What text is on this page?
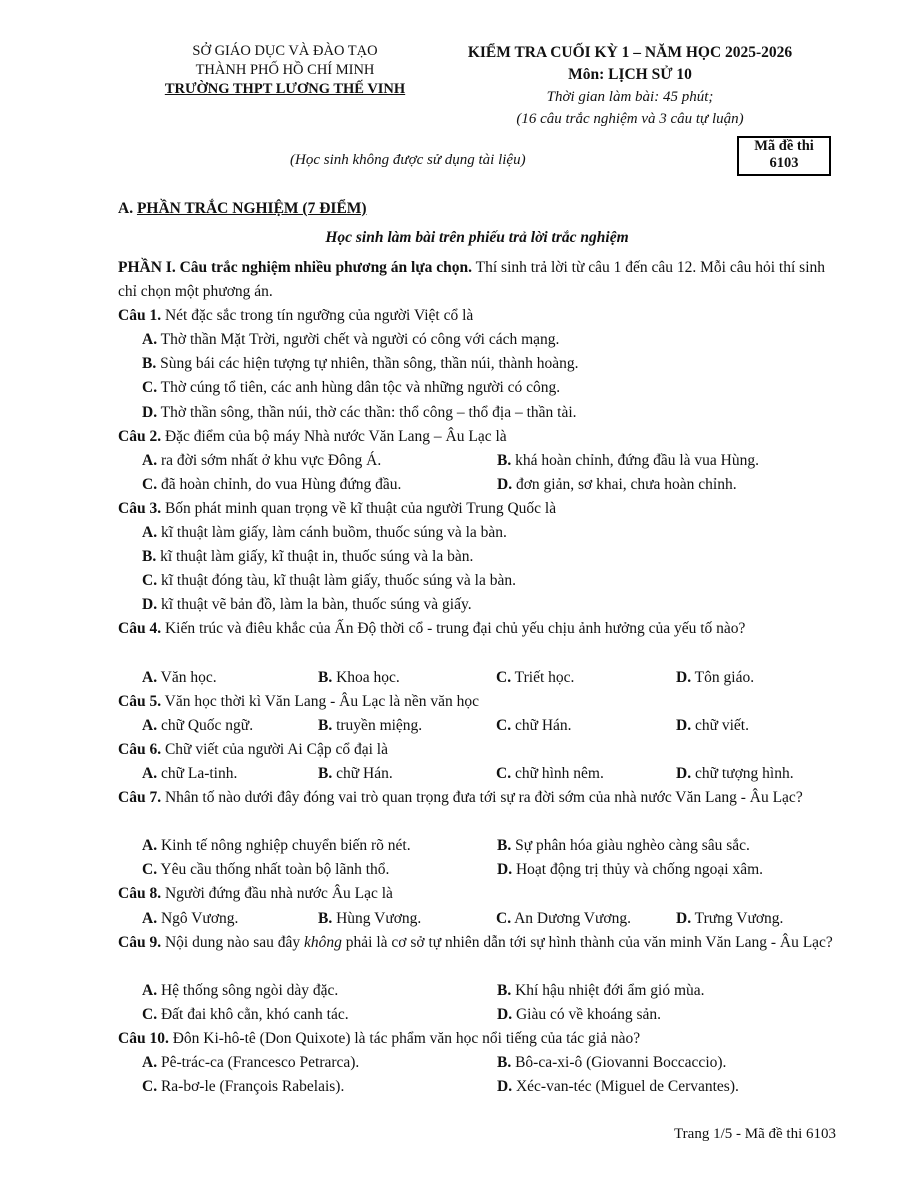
SỞ GIÁO DỤC VÀ ĐÀO TẠO
THÀNH PHỐ HỒ CHÍ MINH
TRƯỜNG THPT LƯƠNG THẾ VINH
KIỂM TRA CUỐI KỲ 1 – NĂM HỌC 2025-2026
Môn: LỊCH SỬ 10
Thời gian làm bài: 45 phút;
(16 câu trắc nghiệm và 3 câu tự luận)
Mã đề thi
6103
(Học sinh không được sử dụng tài liệu)
A. PHẦN TRẮC NGHIỆM (7 ĐIỂM)
Học sinh làm bài trên phiếu trả lời trắc nghiệm
PHẦN I. Câu trắc nghiệm nhiều phương án lựa chọn. Thí sinh trả lời từ câu 1 đến câu 12. Mỗi câu hỏi thí sinh chỉ chọn một phương án.
Câu 1. Nét đặc sắc trong tín ngưỡng của người Việt cổ là
A. Thờ thần Mặt Trời, người chết và người có công với cách mạng.
B. Sùng bái các hiện tượng tự nhiên, thần sông, thần núi, thành hoàng.
C. Thờ cúng tổ tiên, các anh hùng dân tộc và những người có công.
D. Thờ thần sông, thần núi, thờ các thần: thổ công – thổ địa – thần tài.
Câu 2. Đặc điểm của bộ máy Nhà nước Văn Lang – Âu Lạc là
A. ra đời sớm nhất ở khu vực Đông Á.	B. khá hoàn chỉnh, đứng đầu là vua Hùng.
C. đã hoàn chỉnh, do vua Hùng đứng đầu.	D. đơn giản, sơ khai, chưa hoàn chỉnh.
Câu 3. Bốn phát minh quan trọng về kĩ thuật của người Trung Quốc là
A. kĩ thuật làm giấy, làm cánh buồm, thuốc súng và la bàn.
B. kĩ thuật làm giấy, kĩ thuật in, thuốc súng và la bàn.
C. kĩ thuật đóng tàu, kĩ thuật làm giấy, thuốc súng và la bàn.
D. kĩ thuật vẽ bản đồ, làm la bàn, thuốc súng và giấy.
Câu 4. Kiến trúc và điêu khắc của Ấn Độ thời cổ - trung đại chủ yếu chịu ảnh hưởng của yếu tố nào?
A. Văn học.	B. Khoa học.	C. Triết học.	D. Tôn giáo.
Câu 5. Văn học thời kì Văn Lang - Âu Lạc là nền văn học
A. chữ Quốc ngữ.	B. truyền miệng.	C. chữ Hán.	D. chữ viết.
Câu 6. Chữ viết của người Ai Cập cổ đại là
A. chữ La-tinh.	B. chữ Hán.	C. chữ hình nêm.	D. chữ tượng hình.
Câu 7. Nhân tố nào dưới đây đóng vai trò quan trọng đưa tới sự ra đời sớm của nhà nước Văn Lang - Âu Lạc?
A. Kinh tế nông nghiệp chuyển biến rõ nét.	B. Sự phân hóa giàu nghèo càng sâu sắc.
C. Yêu cầu thống nhất toàn bộ lãnh thổ.	D. Hoạt động trị thủy và chống ngoại xâm.
Câu 8. Người đứng đầu nhà nước Âu Lạc là
A. Ngô Vương.	B. Hùng Vương.	C. An Dương Vương.	D. Trưng Vương.
Câu 9. Nội dung nào sau đây không phải là cơ sở tự nhiên dẫn tới sự hình thành của văn minh Văn Lang - Âu Lạc?
A. Hệ thống sông ngòi dày đặc.	B. Khí hậu nhiệt đới ẩm gió mùa.
C. Đất đai khô cằn, khó canh tác.	D. Giàu có về khoáng sản.
Câu 10. Đôn Ki-hô-tê (Don Quixote) là tác phẩm văn học nổi tiếng của tác giả nào?
A. Pê-trác-ca (Francesco Petrarca).	B. Bô-ca-xi-ô (Giovanni Boccaccio).
C. Ra-bơ-le (François Rabelais).	D. Xéc-van-téc (Miguel de Cervantes).
Trang 1/5 - Mã đề thi 6103
